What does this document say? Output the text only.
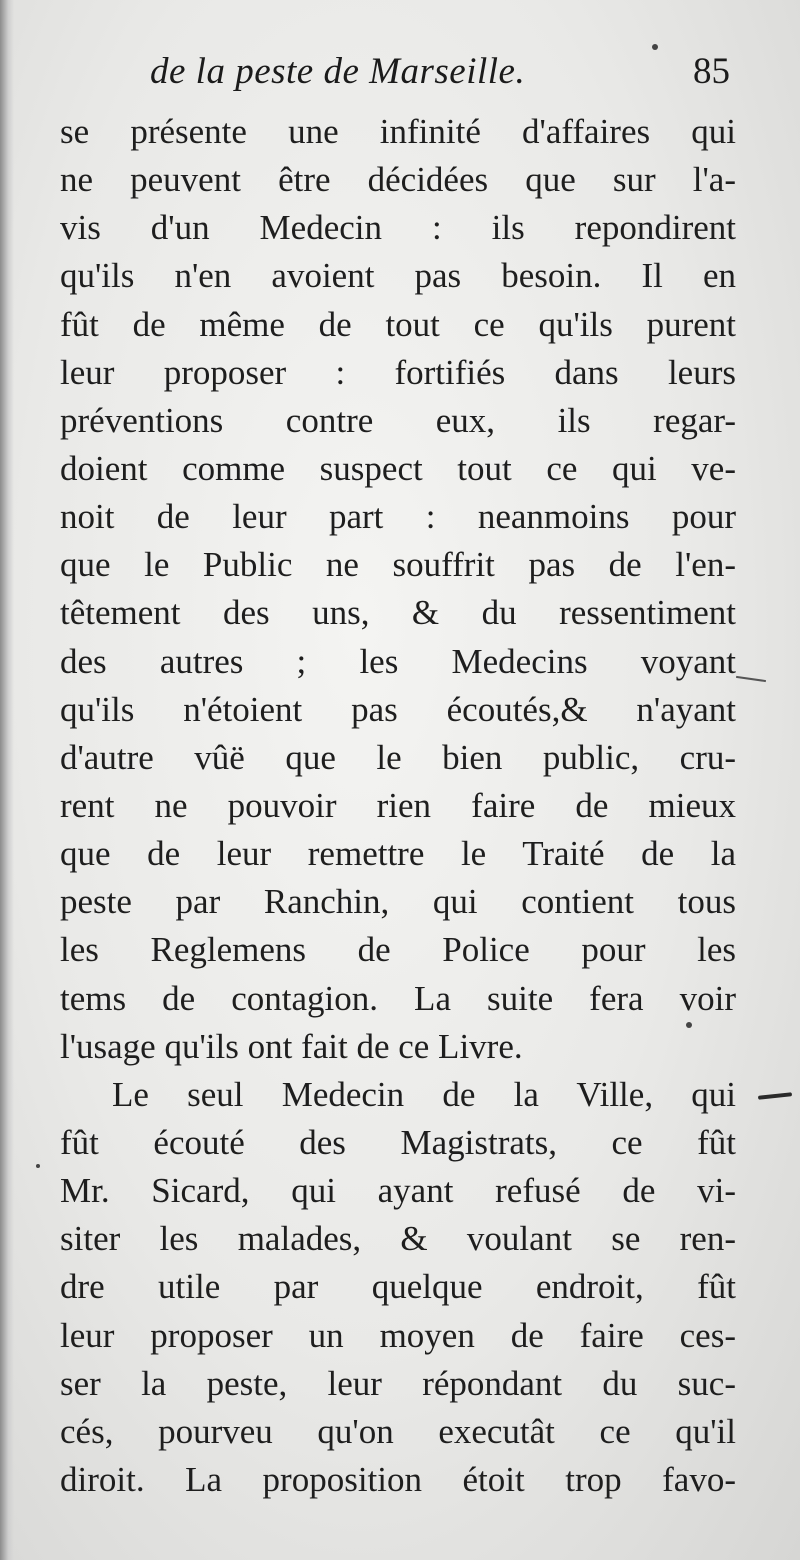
de la peste de Marseille.	85
se présente une infinité d'affaires qui
ne peuvent être décidées que sur l'a-
vis d'un Medecin : ils repondirent
qu'ils n'en avoient pas besoin. Il en
fût de même de tout ce qu'ils purent
leur proposer : fortifiés dans leurs
préventions contre eux, ils regar-
doient comme suspect tout ce qui ve-
noit de leur part : neanmoins pour
que le Public ne souffrit pas de l'en-
têtement des uns, & du ressentiment
des autres ; les Medecins voyant
qu'ils n'étoient pas écoutés,& n'ayant
d'autre vûë que le bien public, cru-
rent ne pouvoir rien faire de mieux
que de leur remettre le Traité de la
peste par Ranchin, qui contient tous
les Reglemens de Police pour les
tems de contagion. La suite fera voir
l'usage qu'ils ont fait de ce Livre.
Le seul Medecin de la Ville, qui
fût écouté des Magistrats, ce fût
Mr. Sicard, qui ayant refusé de vi-
siter les malades, & voulant se ren-
dre utile par quelque endroit, fût
leur proposer un moyen de faire ces-
ser la peste, leur répondant du suc-
cés, pourveu qu'on executât ce qu'il
diroit. La proposition étoit trop favo-
